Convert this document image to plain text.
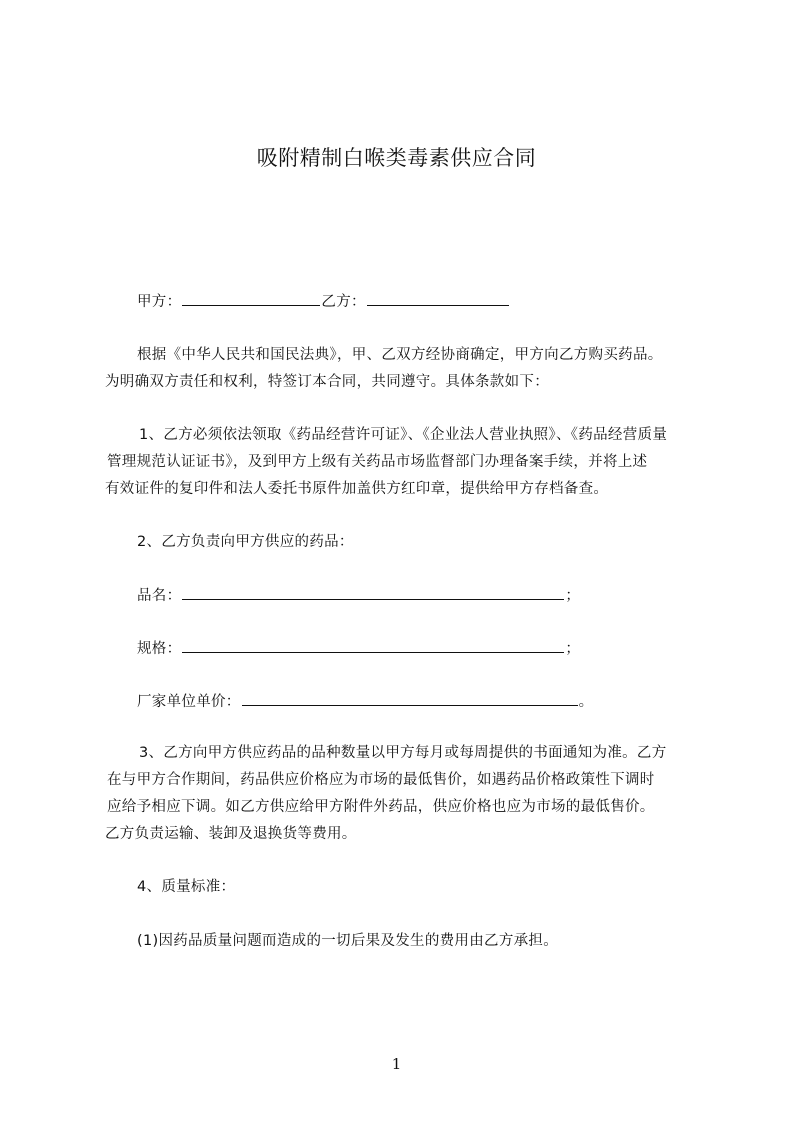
吸附精制白喉类毒素供应合同
甲方：	乙方：
根据《中华人民共和国民法典》，甲、乙双方经协商确定，甲方向乙方购买药品。
为明确双方责任和权利，特签订本合同，共同遵守。具体条款如下：
1、乙方必须依法领取《药品经营许可证》、《企业法人营业执照》、《药品经营质量
管理规范认证证书》，及到甲方上级有关药品市场监督部门办理备案手续，并将上述
有效证件的复印件和法人委托书原件加盖供方红印章，提供给甲方存档备查。
2、乙方负责向甲方供应的药品：
品名：	；
规格：	；
厂家单位单价：	。
3、乙方向甲方供应药品的品种数量以甲方每月或每周提供的书面通知为准。乙方
在与甲方合作期间，药品供应价格应为市场的最低售价，如遇药品价格政策性下调时
应给予相应下调。如乙方供应给甲方附件外药品，供应价格也应为市场的最低售价。
乙方负责运输、装卸及退换货等费用。
4、质量标准：
(1)因药品质量问题而造成的一切后果及发生的费用由乙方承担。
1
